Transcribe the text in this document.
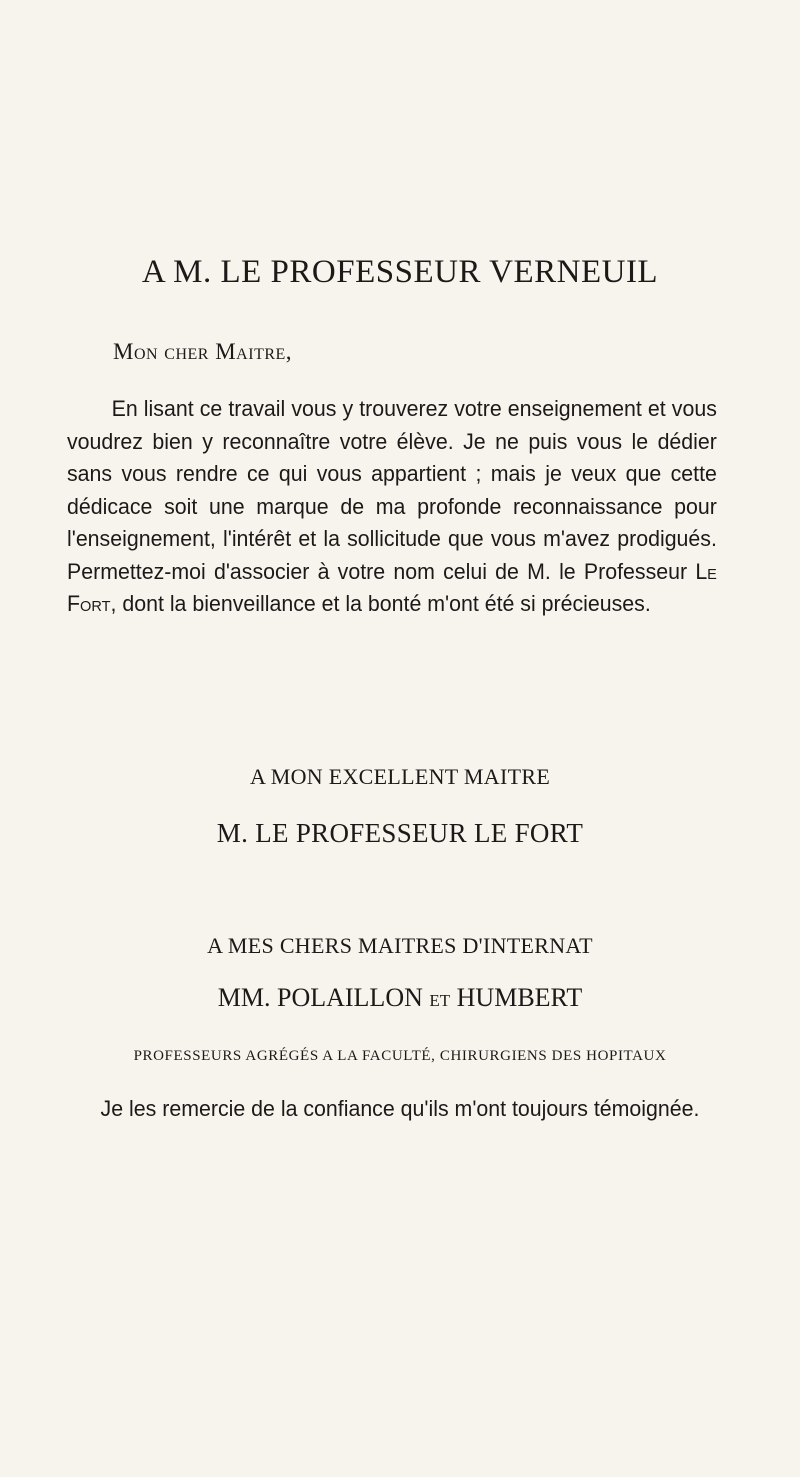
A M. LE PROFESSEUR VERNEUIL
Mon cher Maitre,

En lisant ce travail vous y trouverez votre enseignement et vous voudrez bien y reconnaître votre élève. Je ne puis vous le dédier sans vous rendre ce qui vous appartient ; mais je veux que cette dédicace soit une marque de ma profonde reconnaissance pour l'enseignement, l'intérêt et la sollicitude que vous m'avez prodigués. Permettez-moi d'associer à votre nom celui de M. le Professeur Le Fort, dont la bienveillance et la bonté m'ont été si précieuses.

A MON EXCELLENT MAITRE
M. LE PROFESSEUR LE FORT
A MES CHERS MAITRES D'INTERNAT
MM. POLAILLON ET HUMBERT
PROFESSEURS AGRÉGÉS A LA FACULTÉ, CHIRURGIENS DES HOPITAUX
Je les remercie de la confiance qu'ils m'ont toujours témoignée.
